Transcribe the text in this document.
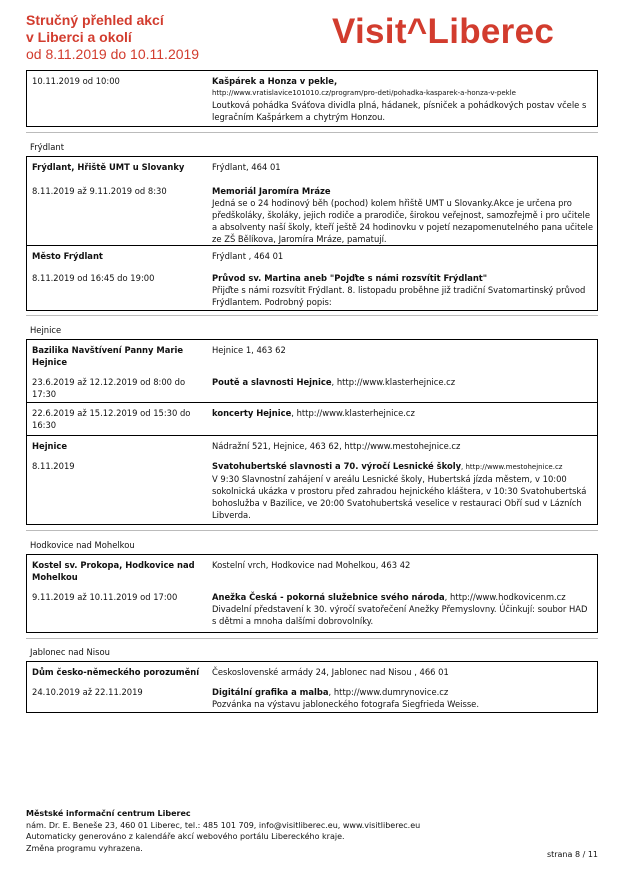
Stručný přehled akcí
v Liberci a okolí
od 8.11.2019 do 10.11.2019
Visit^Liberec
10.11.2019 od 10:00	Kašpárek a Honza v pekle,
http://www.vratislavice101010.cz/program/pro-deti/pohadka-kasparek-a-honza-v-pekle
Loutková pohádka Sváťova dividla plná, hádanek, písniček a pohádkových postav včele s legračním Kašpárkem a chytrým Honzou.
Frýdlant
Frýdlant, Hřiště UMT u Slovanky
8.11.2019 až 9.11.2019 od 8:30
Frýdlant, 464 01
Memoriál Jaromíra Mráze
Jedná se o 24 hodinový běh (pochod) kolem hřiště UMT u Slovanky.Akce je určena pro předškoláky, školáky, jejich rodiče a prarodiče, širokou veřejnost, samozřejmě i pro učitele a absolventy naší školy, kteří ještě 24 hodinovku v pojetí nezapomenutelného pana učitele ze ZŠ Bělíkova, Jaromíra Mráze, pamatují.
Město Frýdlant
8.11.2019 od 16:45 do 19:00
Frýdlant , 464 01
Průvod sv. Martina aneb "Pojďte s námi rozsvítit Frýdlant"
Přijďte s námi rozsvítit Frýdlant. 8. listopadu proběhne již tradiční Svatomartinský průvod Frýdlantem. Podrobný popis:
Hejnice
Bazilika Navštívení Panny Marie Hejnice
23.6.2019 až 12.12.2019 od 8:00 do 17:30
Hejnice 1, 463 62
Poutě a slavnosti Hejnice, http://www.klasterhejnice.cz
22.6.2019 až 15.12.2019 od 15:30 do 16:30
koncerty Hejnice, http://www.klasterhejnice.cz
Hejnice
8.11.2019
Nádražní 521, Hejnice, 463 62, http://www.mestohejnice.cz
Svatohubertské slavnosti a 70. výročí Lesnické školy, http://www.mestohejnice.cz
V 9:30 Slavnostní zahájení v areálu Lesnické školy, Hubertská jízda městem, v 10:00 sokolnická ukázka v prostoru před zahradou hejnického kláštera, v 10:30 Svatohubertská bohoslužba v Bazilice, ve 20:00 Svatohubertská veselice v restauraci Obří sud v Lázních Libverda.
Hodkovice nad Mohelkou
Kostel sv. Prokopa, Hodkovice nad Mohelkou
9.11.2019 až 10.11.2019 od 17:00
Kostelní vrch, Hodkovice nad Mohelkou, 463 42
Anežka Česká - pokorná služebnice svého národa, http://www.hodkovicenm.cz
Divadelní představení k 30. výročí svatořečení Anežky Přemyslovny. Účinkují: soubor HAD s dětmi a mnoha dalšími dobrovolníky.
Jablonec nad Nisou
Dům česko-německého porozumění
24.10.2019 až 22.11.2019
Československé armády 24, Jablonec nad Nisou , 466 01
Digitální grafika a malba, http://www.dumrynovice.cz
Pozvánka na výstavu jabloneckého fotografa Siegfrieda Weisse.
Městské informační centrum Liberec
nám. Dr. E. Beneše 23, 460 01 Liberec, tel.: 485 101 709, info@visitliberec.eu, www.visitliberec.eu
Automaticky generováno z kalendáře akcí webového portálu Libereckého kraje.
Změna programu vyhrazena.
strana 8 / 11
